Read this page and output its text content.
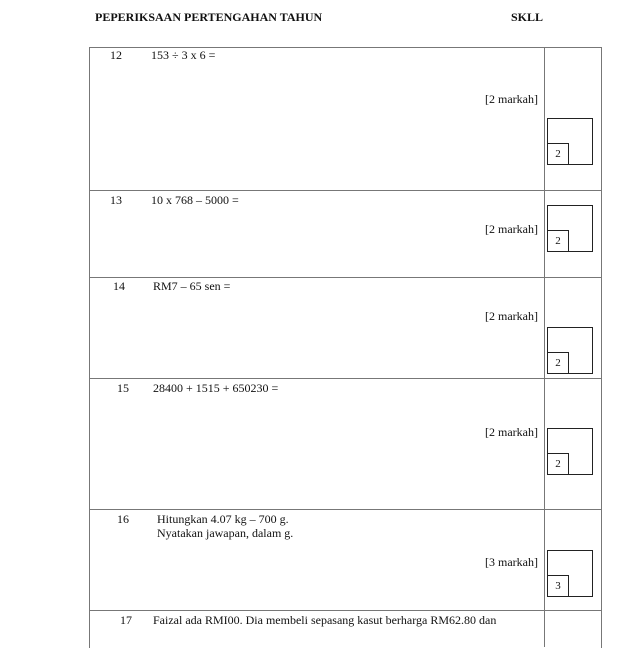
PEPERIKSAAN PERTENGAHAN TAHUN	SKLL
12	153 ÷ 3 x 6 =
[2 markah]
2
13	10 x 768 – 5000 =
[2 markah]
2
14	RM7 – 65 sen =
[2 markah]
2
15	28400 + 1515 + 650230 =
[2 markah]
2
16	Hitungkan 4.07 kg – 700 g.
Nyatakan jawapan, dalam g.
[3 markah]
3
17	Faizal ada RMI00. Dia membeli sepasang kasut berharga RM62.80 dan
